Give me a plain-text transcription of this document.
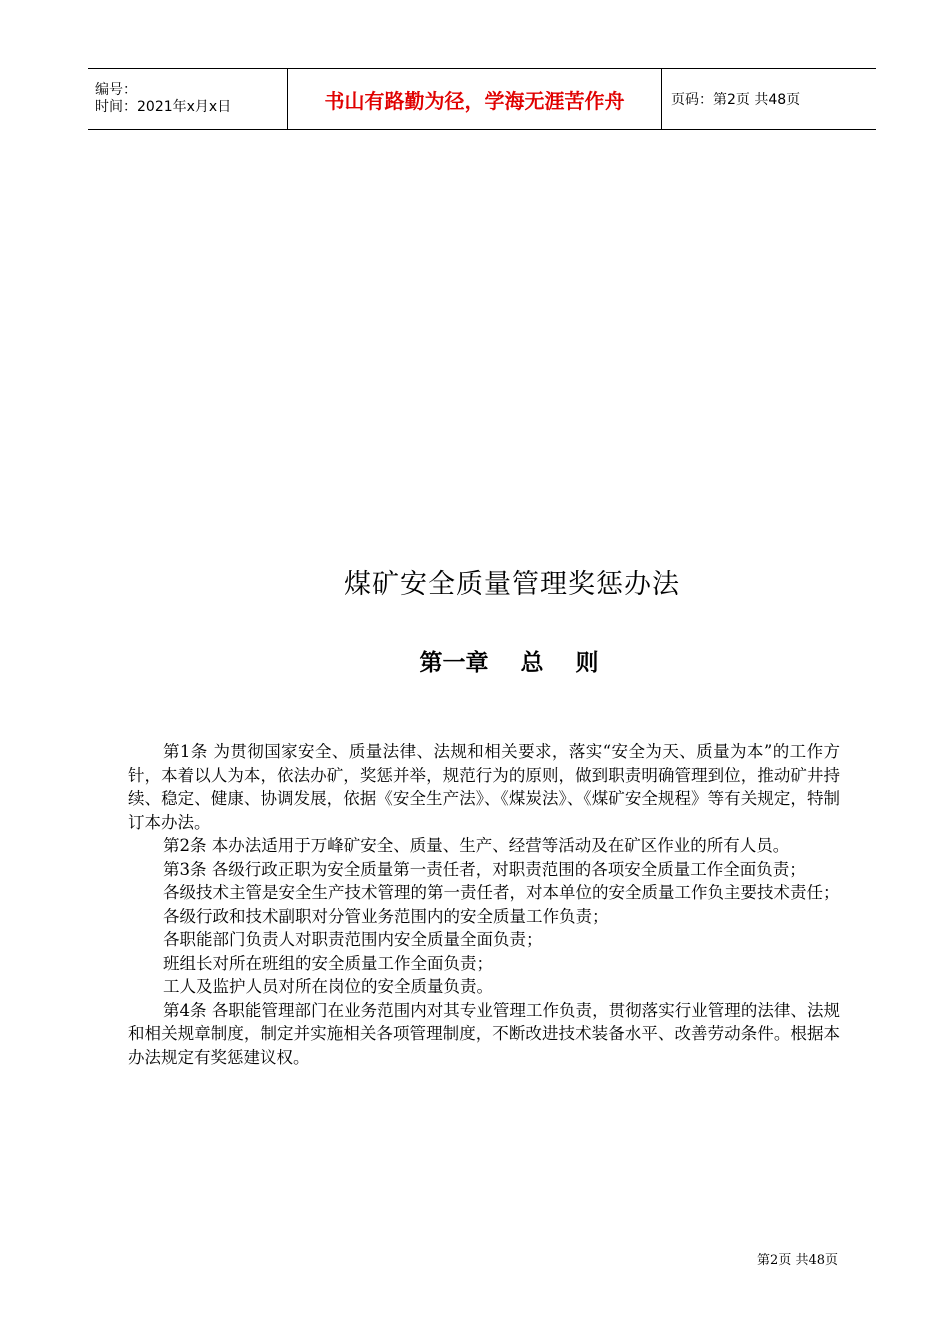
编号：
时间：2021年x月x日	书山有路勤为径，学海无涯苦作舟	页码：第2页 共48页
煤矿安全质量管理奖惩办法
第一章    总    则

第1条 为贯彻国家安全、质量法律、法规和相关要求，落实“安全为天、质量为本”的工作方针，本着以人为本，依法办矿，奖惩并举，规范行为的原则，做到职责明确管理到位，推动矿井持续、稳定、健康、协调发展，依据《安全生产法》、《煤炭法》、《煤矿安全规程》等有关规定，特制订本办法。

第2条 本办法适用于万峰矿安全、质量、生产、经营等活动及在矿区作业的所有人员。

第3条 各级行政正职为安全质量第一责任者，对职责范围的各项安全质量工作全面负责；

各级技术主管是安全生产技术管理的第一责任者，对本单位的安全质量工作负主要技术责任；

各级行政和技术副职对分管业务范围内的安全质量工作负责；

各职能部门负责人对职责范围内安全质量全面负责；

班组长对所在班组的安全质量工作全面负责；

工人及监护人员对所在岗位的安全质量负责。

第4条 各职能管理部门在业务范围内对其专业管理工作负责，贯彻落实行业管理的法律、法规和相关规章制度，制定并实施相关各项管理制度，不断改进技术装备水平、改善劳动条件。根据本办法规定有奖惩建议权。

第2页 共48页
